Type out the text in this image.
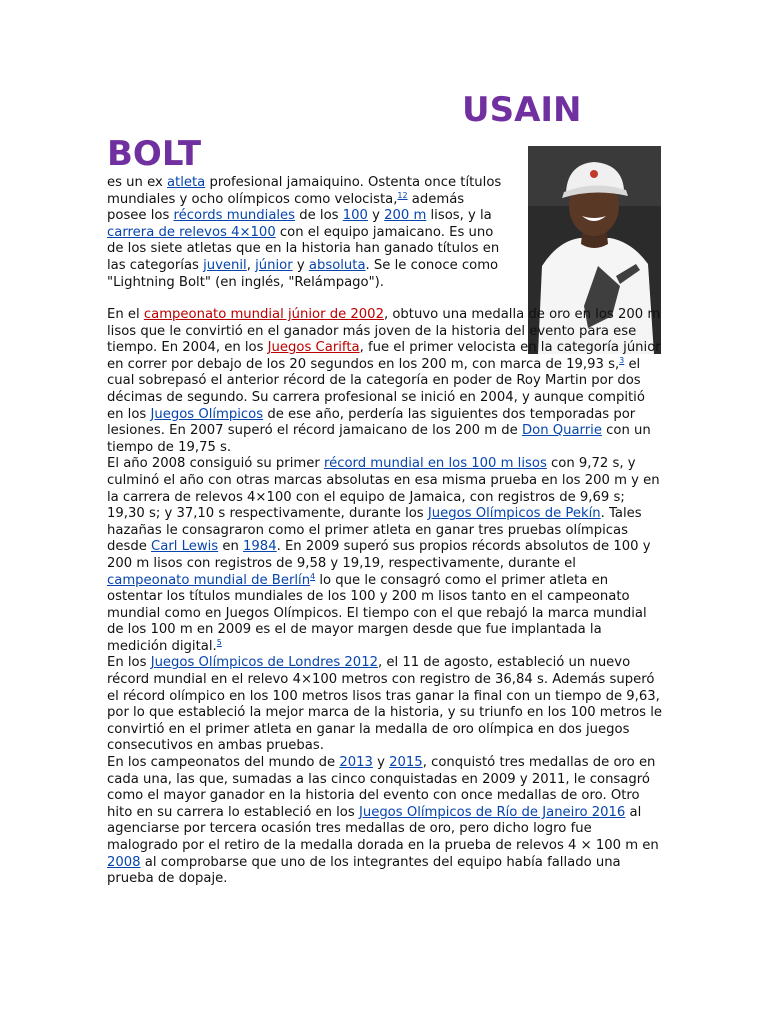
USAIN
BOLT

es un ex atleta profesional jamaiquino. Ostenta once títulos mundiales y ocho olímpicos como velocista,$^{12}$ además posee los récords mundiales de los 100 y 200 m lisos, y la carrera de relevos 4×100 con el equipo jamaicano. Es uno de los siete atletas que en la historia han ganado títulos en las categorías juvenil, júnior y absoluta. Se le conoce como "Lightning Bolt" (en inglés, "Relámpago").

En el campeonato mundial júnior de 2002, obtuvo una medalla de oro en los 200 m lisos que le convirtió en el ganador más joven de la historia del evento para ese tiempo. En 2004, en los Juegos Carifta, fue el primer velocista en la categoría júnior en correr por debajo de los 20 segundos en los 200 m, con marca de 19,93 s,$^3$ el cual sobrepasó el anterior récord de la categoría en poder de Roy Martin por dos décimas de segundo. Su carrera profesional se inició en 2004, y aunque compitió en los Juegos Olímpicos de ese año, perdería las siguientes dos temporadas por lesiones. En 2007 superó el récord jamaicano de los 200 m de Don Quarrie con un tiempo de 19,75 s.
El año 2008 consiguió su primer récord mundial en los 100 m lisos con 9,72 s, y culminó el año con otras marcas absolutas en esa misma prueba en los 200 m y en la carrera de relevos 4×100 con el equipo de Jamaica, con registros de 9,69 s; 19,30 s; y 37,10 s respectivamente, durante los Juegos Olímpicos de Pekín. Tales hazañas le consagraron como el primer atleta en ganar tres pruebas olímpicas desde Carl Lewis en 1984. En 2009 superó sus propios récords absolutos de 100 y 200 m lisos con registros de 9,58 y 19,19, respectivamente, durante el campeonato mundial de Berlín$^4$ lo que le consagró como el primer atleta en ostentar los títulos mundiales de los 100 y 200 m lisos tanto en el campeonato mundial como en Juegos Olímpicos. El tiempo con el que rebajó la marca mundial de los 100 m en 2009 es el de mayor margen desde que fue implantada la medición digital.$^5$
En los Juegos Olímpicos de Londres 2012, el 11 de agosto, estableció un nuevo récord mundial en el relevo 4×100 metros con registro de 36,84 s. Además superó el récord olímpico en los 100 metros lisos tras ganar la final con un tiempo de 9,63, por lo que estableció la mejor marca de la historia, y su triunfo en los 100 metros le convirtió en el primer atleta en ganar la medalla de oro olímpica en dos juegos consecutivos en ambas pruebas.
En los campeonatos del mundo de 2013 y 2015, conquistó tres medallas de oro en cada una, las que, sumadas a las cinco conquistadas en 2009 y 2011, le consagró como el mayor ganador en la historia del evento con once medallas de oro. Otro hito en su carrera lo estableció en los Juegos Olímpicos de Río de Janeiro 2016 al agenciarse por tercera ocasión tres medallas de oro, pero dicho logro fue malogrado por el retiro de la medalla dorada en la prueba de relevos 4 × 100 m en 2008 al comprobarse que uno de los integrantes del equipo había fallado una prueba de dopaje.
